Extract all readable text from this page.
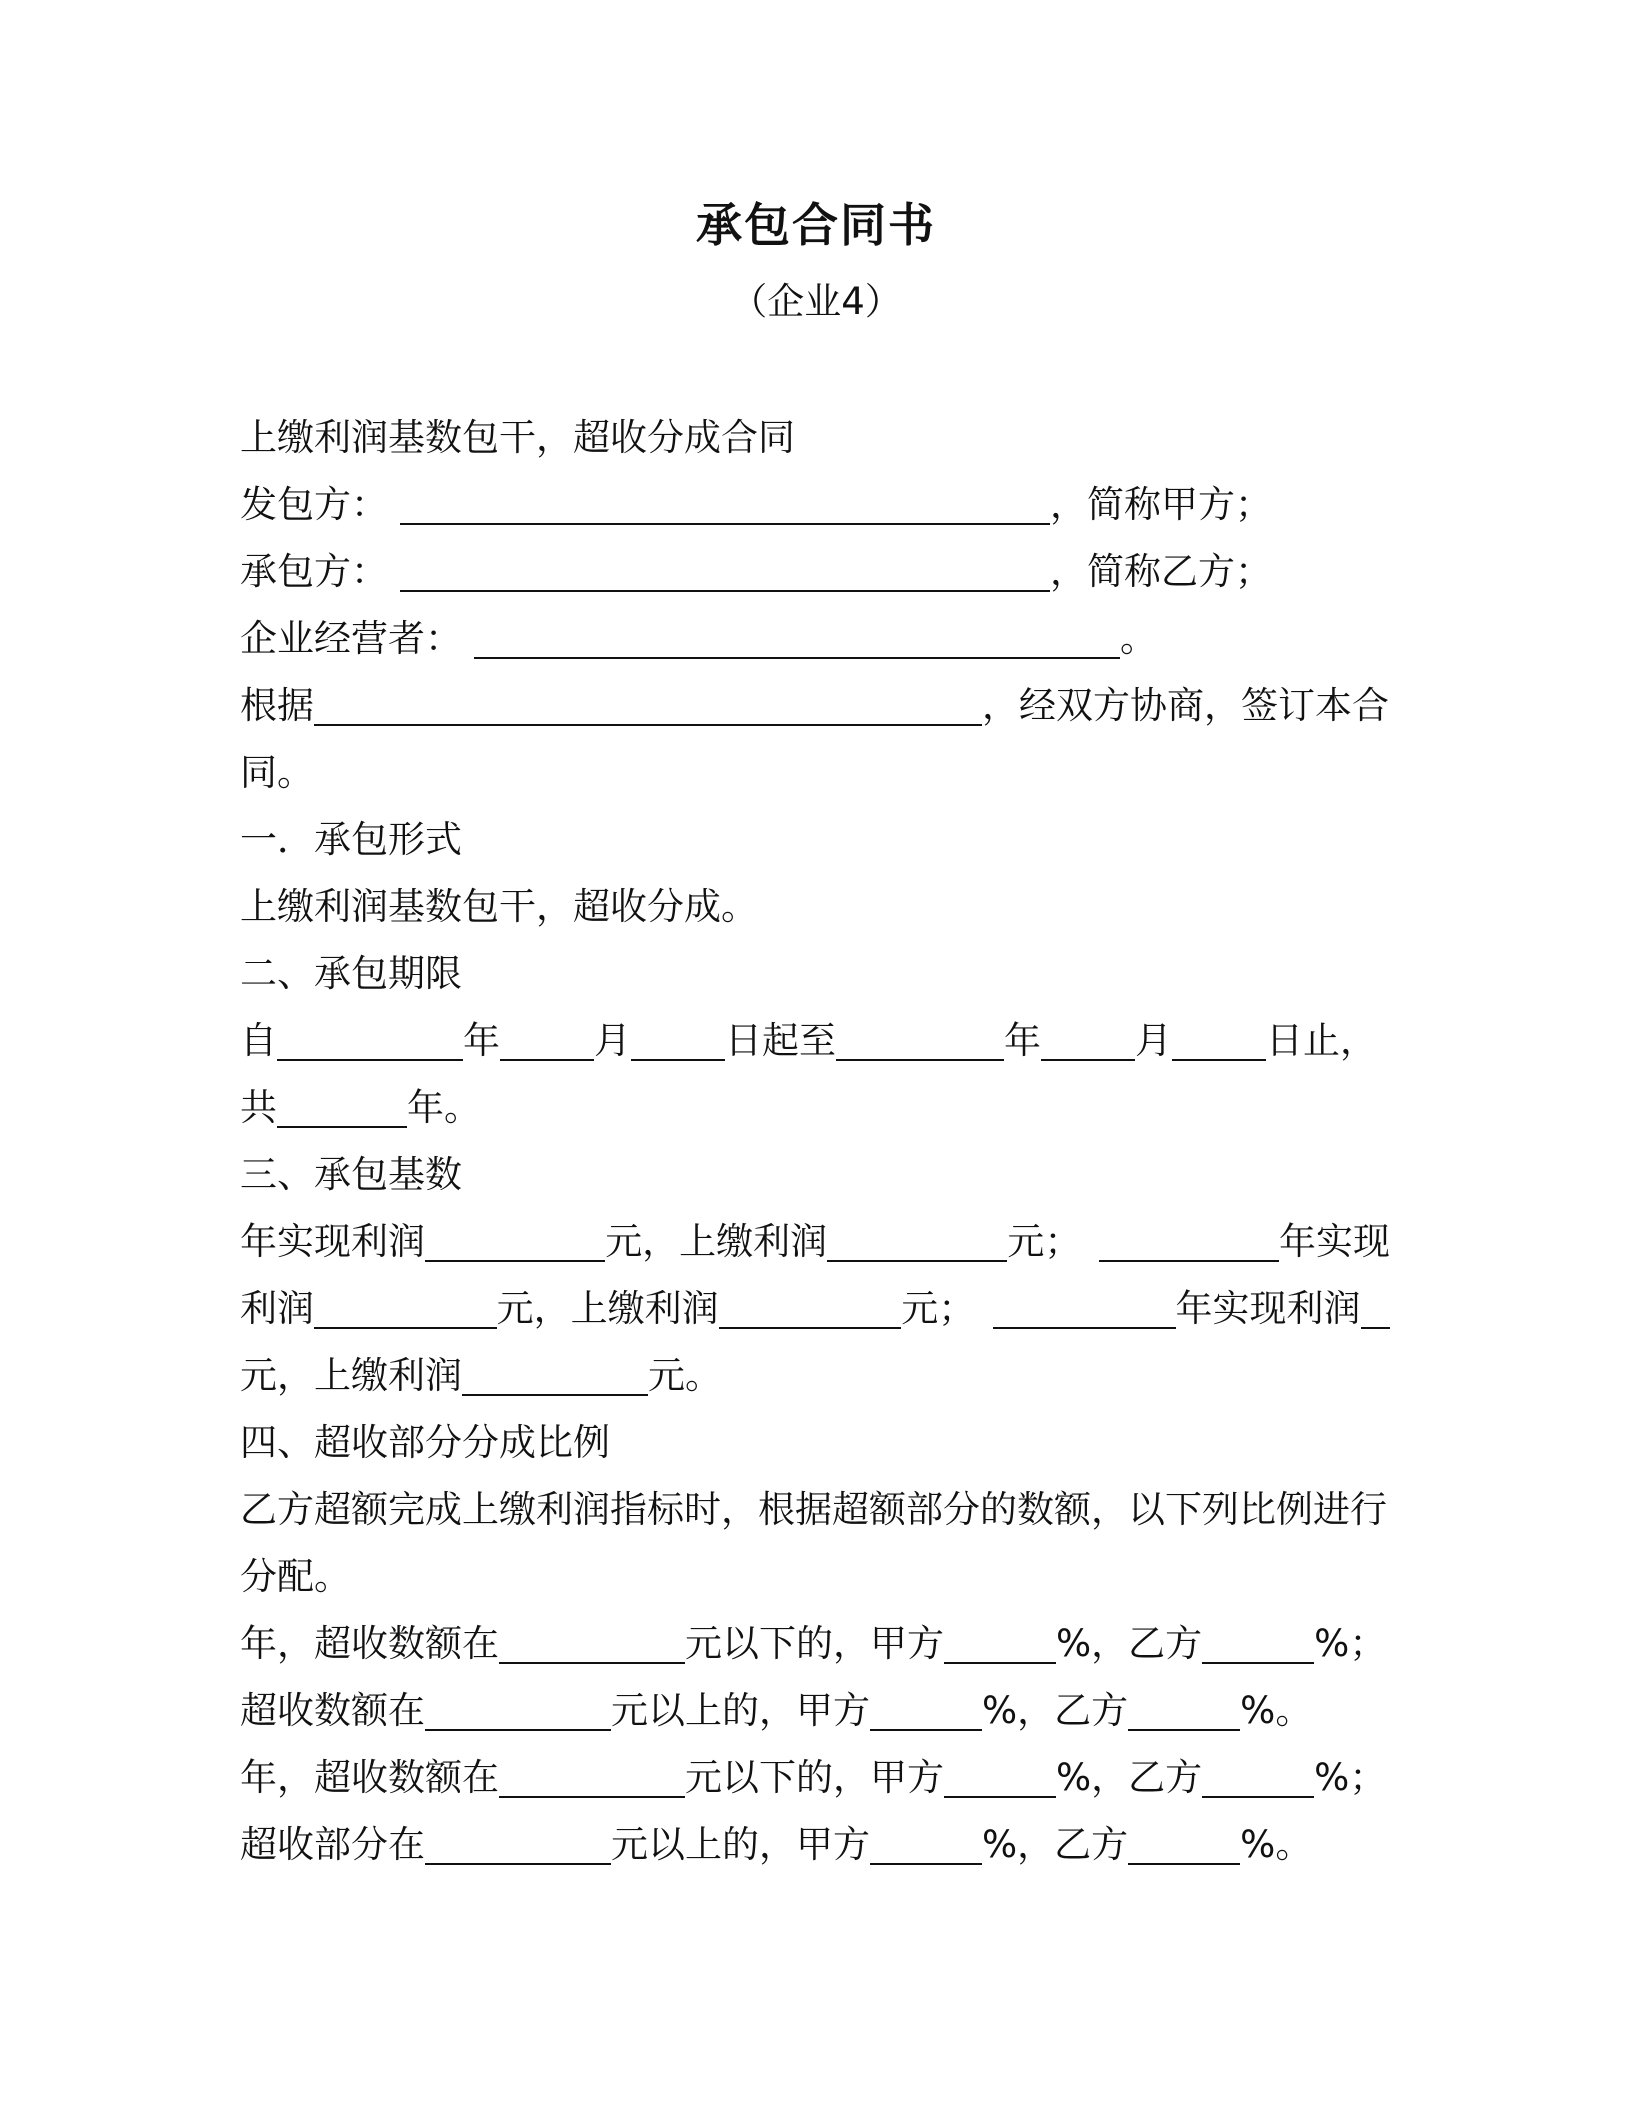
承包合同书
（企业4）
上缴利润基数包干，超收分成合同
发包方：	，简称甲方；
承包方：	，简称乙方；
企业经营者：	。
根据	，经双方协商，签订本合
同。
一．承包形式
上缴利润基数包干，超收分成。
二、承包期限
自	年	月	日起至	年	月	日止，
共	年。
三、承包基数
年实现利润	元，上缴利润	元；	年实现
利润	元，上缴利润	元；	年实现利润
元，上缴利润	元。
四、超收部分分成比例
乙方超额完成上缴利润指标时，根据超额部分的数额，以下列比例进行
分配。
年，超收数额在	元以下的，甲方	%，乙方	%；
超收数额在	元以上的，甲方	%，乙方	%。
年，超收数额在	元以下的，甲方	%，乙方	%；
超收部分在	元以上的，甲方	%，乙方	%。
